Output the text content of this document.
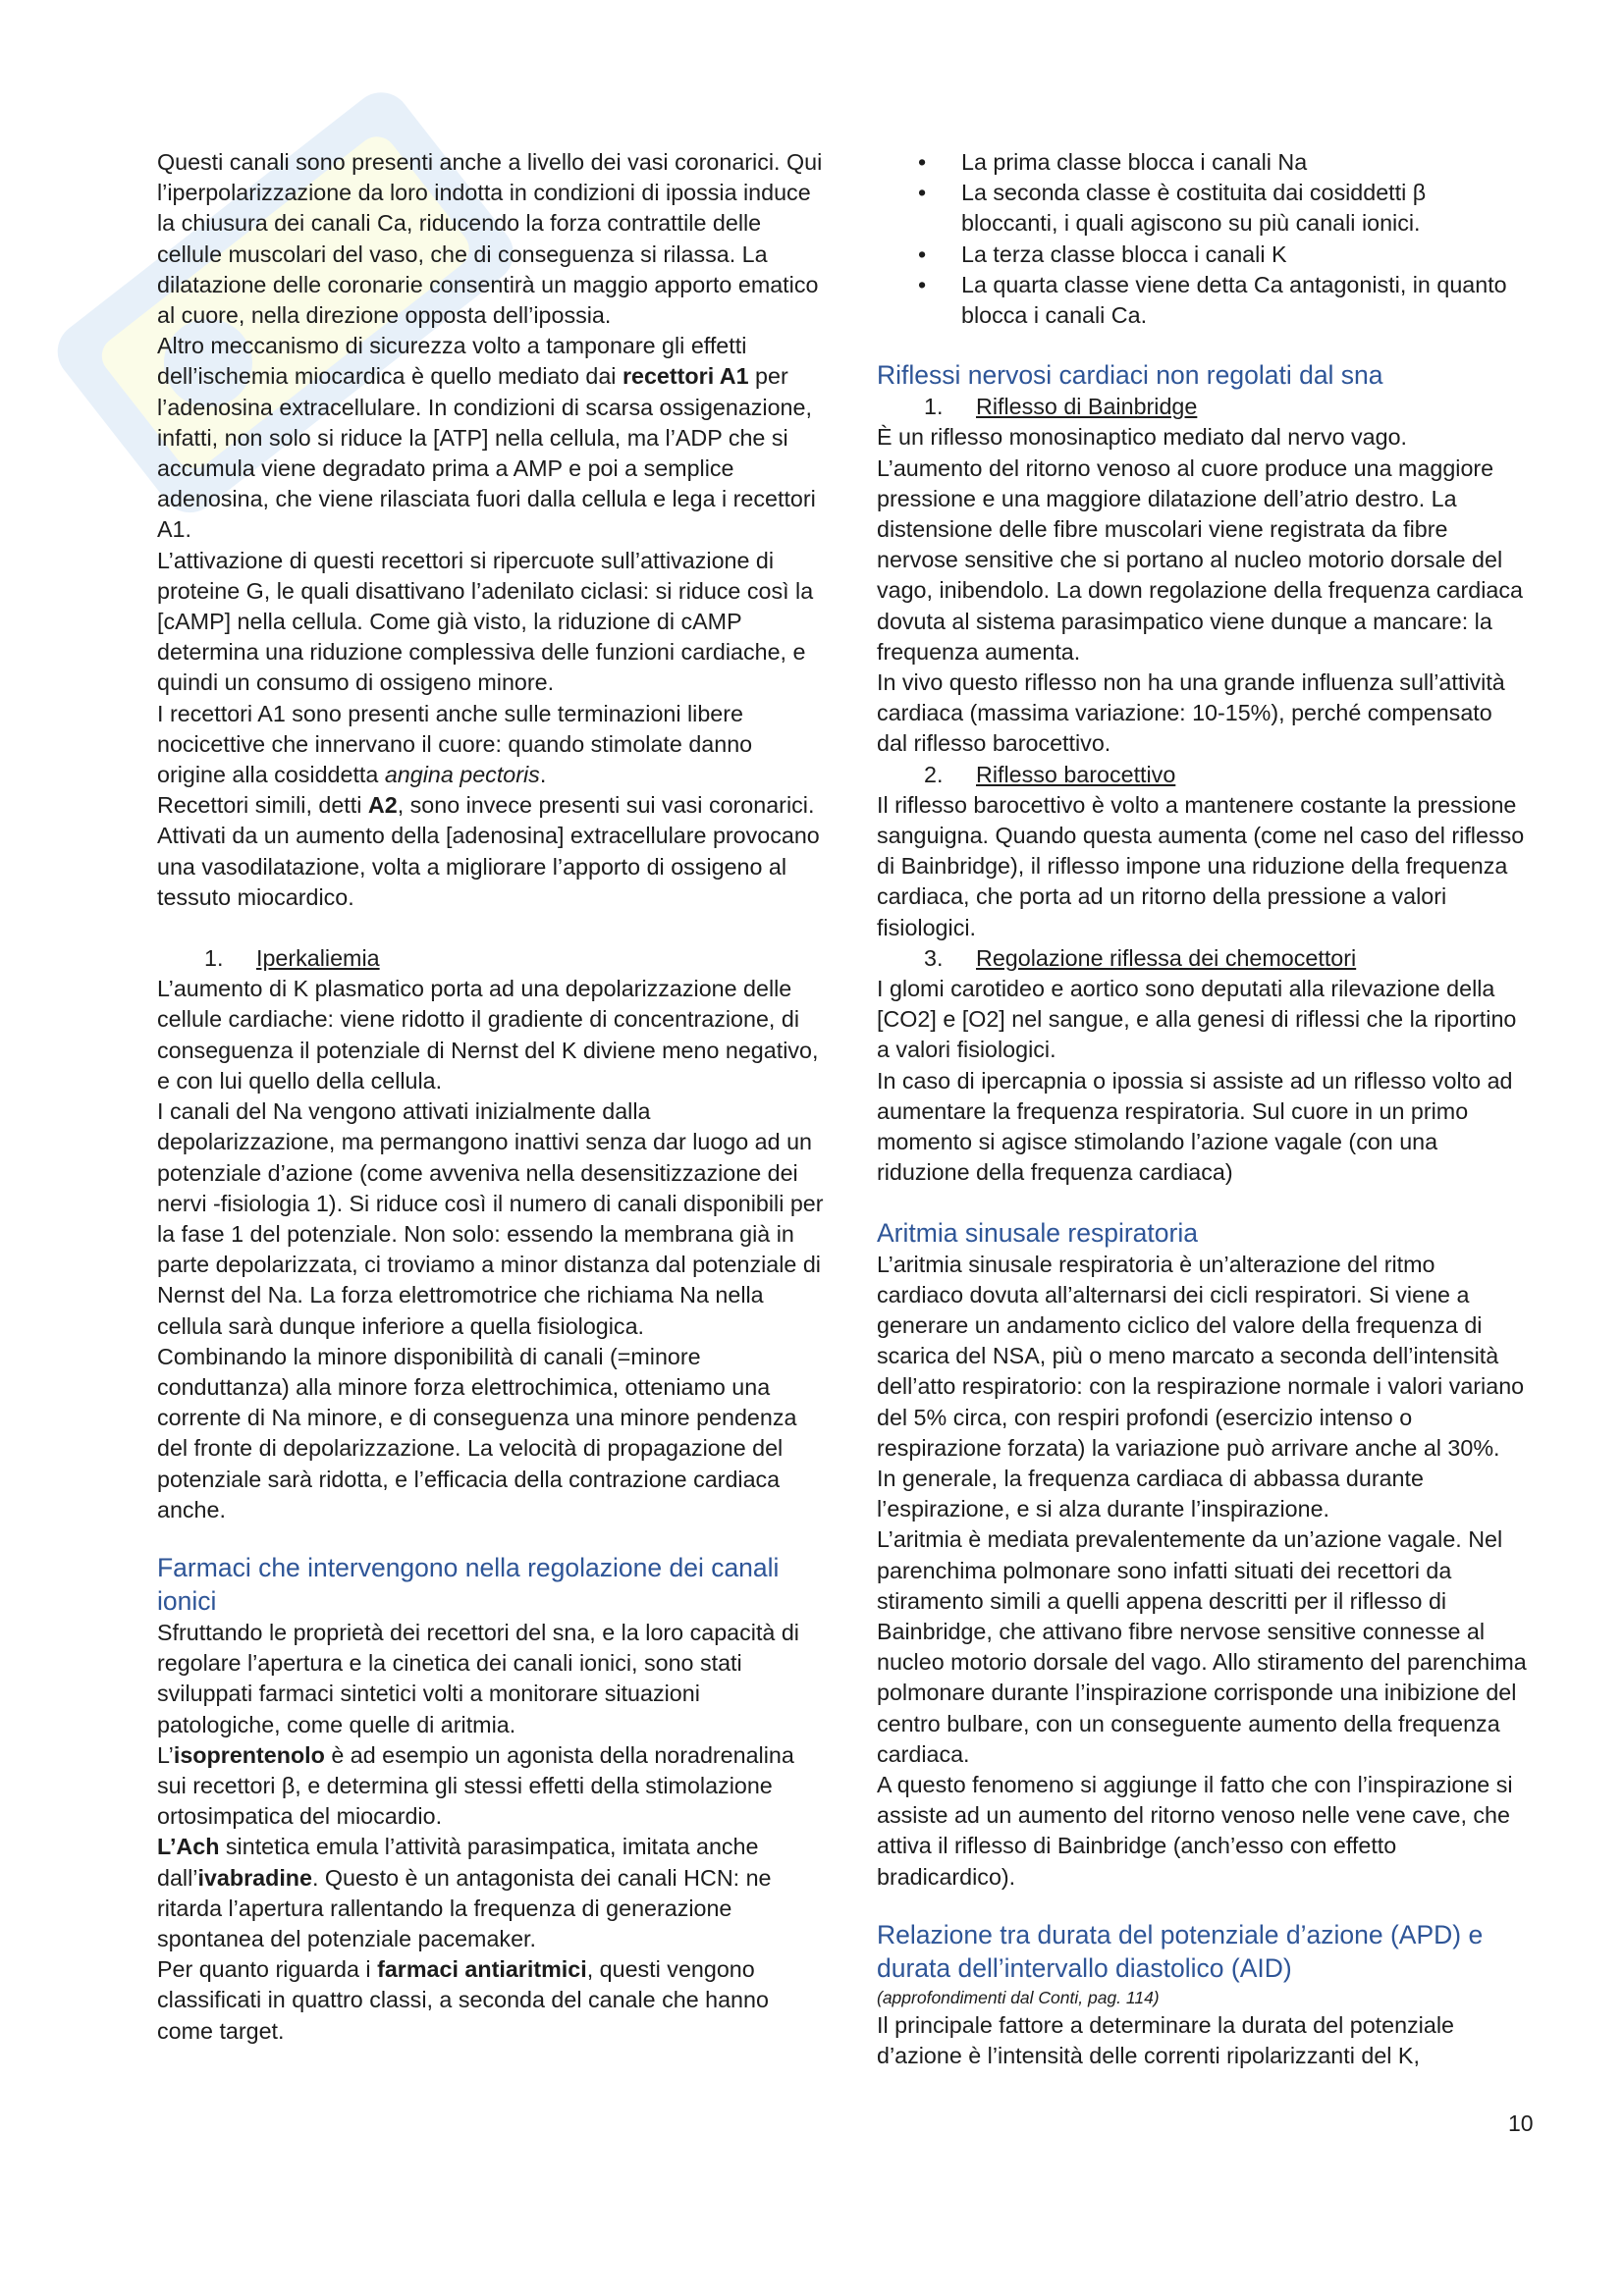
Questi canali sono presenti anche a livello dei vasi coronarici. Qui l’iperpolarizzazione da loro indotta in condizioni di ipossia induce la chiusura dei canali Ca, riducendo la forza contrattile delle cellule muscolari del vaso, che di conseguenza si rilassa. La dilatazione delle coronarie consentirà un maggio apporto ematico al cuore, nella direzione opposta dell’ipossia.

Altro meccanismo di sicurezza volto a tamponare gli effetti dell’ischemia miocardica è quello mediato dai recettori A1 per l’adenosina extracellulare. In condizioni di scarsa ossigenazione, infatti, non solo si riduce la [ATP] nella cellula, ma l’ADP che si accumula viene degradato prima a AMP e poi a semplice adenosina, che viene rilasciata fuori dalla cellula e lega i recettori A1.

L’attivazione di questi recettori si ripercuote sull’attivazione di proteine G, le quali disattivano l’adenilato ciclasi: si riduce così la [cAMP] nella cellula. Come già visto, la riduzione di cAMP determina una riduzione complessiva delle funzioni cardiache, e quindi un consumo di ossigeno minore.

I recettori A1 sono presenti anche sulle terminazioni libere nocicettive che innervano il cuore: quando stimolate danno origine alla cosiddetta angina pectoris.

Recettori simili, detti A2, sono invece presenti sui vasi coronarici. Attivati da un aumento della [adenosina] extracellulare provocano una vasodilatazione, volta a migliorare l’apporto di ossigeno al tessuto miocardico.

1.	Iperkaliemia

L’aumento di K plasmatico porta ad una depolarizzazione delle cellule cardiache: viene ridotto il gradiente di concentrazione, di conseguenza il potenziale di Nernst del K diviene meno negativo, e con lui quello della cellula.

I canali del Na vengono attivati inizialmente dalla depolarizzazione, ma permangono inattivi senza dar luogo ad un potenziale d’azione (come avveniva nella desensitizzazione dei nervi -fisiologia 1). Si riduce così il numero di canali disponibili per la fase 1 del potenziale. Non solo: essendo la membrana già in parte depolarizzata, ci troviamo a minor distanza dal potenziale di Nernst del Na. La forza elettromotrice che richiama Na nella cellula sarà dunque inferiore a quella fisiologica.

Combinando la minore disponibilità di canali (=minore conduttanza) alla minore forza elettrochimica, otteniamo una corrente di Na minore, e di conseguenza una minore pendenza del fronte di depolarizzazione. La velocità di propagazione del potenziale sarà ridotta, e l’efficacia della contrazione cardiaca anche.

Farmaci che intervengono nella regolazione dei canali ionici

Sfruttando le proprietà dei recettori del sna, e la loro capacità di regolare l’apertura e la cinetica dei canali ionici, sono stati sviluppati farmaci sintetici volti a monitorare situazioni patologiche, come quelle di aritmia.

L’isoprentenolo è ad esempio un agonista della noradrenalina sui recettori β, e determina gli stessi effetti della stimolazione ortosimpatica del miocardio.

L’Ach sintetica emula l’attività parasimpatica, imitata anche dall’ivabradine. Questo è un antagonista dei canali HCN: ne ritarda l’apertura rallentando la frequenza di generazione spontanea del potenziale pacemaker.

Per quanto riguarda i farmaci antiaritmici, questi vengono classificati in quattro classi, a seconda del canale che hanno come target.

•	La prima classe blocca i canali Na
•	La seconda classe è costituita dai cosiddetti β bloccanti, i quali agiscono su più canali ionici.
•	La terza classe blocca i canali K
•	La quarta classe viene detta Ca antagonisti, in quanto blocca i canali Ca.
Riflessi nervosi cardiaci non regolati dal sna

1.	Riflesso di Bainbridge

È un riflesso monosinaptico mediato dal nervo vago.

L’aumento del ritorno venoso al cuore produce una maggiore pressione e una maggiore dilatazione dell’atrio destro. La distensione delle fibre muscolari viene registrata da fibre nervose sensitive che si portano al nucleo motorio dorsale del vago, inibendolo. La down regolazione della frequenza cardiaca dovuta al sistema parasimpatico viene dunque a mancare: la frequenza aumenta.

In vivo questo riflesso non ha una grande influenza sull’attività cardiaca (massima variazione: 10-15%), perché compensato dal riflesso barocettivo.

2.	Riflesso barocettivo

Il riflesso barocettivo è volto a mantenere costante la pressione sanguigna. Quando questa aumenta (come nel caso del riflesso di Bainbridge), il riflesso impone una riduzione della frequenza cardiaca, che porta ad un ritorno della pressione a valori fisiologici.

3.	Regolazione riflessa dei chemocettori

I glomi carotideo e aortico sono deputati alla rilevazione della [CO2] e [O2] nel sangue, e alla genesi di riflessi che la riportino a valori fisiologici.

In caso di ipercapnia o ipossia si assiste ad un riflesso volto ad aumentare la frequenza respiratoria. Sul cuore in un primo momento si agisce stimolando l’azione vagale (con una riduzione della frequenza cardiaca)

Aritmia sinusale respiratoria

L’aritmia sinusale respiratoria è un’alterazione del ritmo cardiaco dovuta all’alternarsi dei cicli respiratori. Si viene a generare un andamento ciclico del valore della frequenza di scarica del NSA, più o meno marcato a seconda dell’intensità dell’atto respiratorio: con la respirazione normale i valori variano del 5% circa, con respiri profondi (esercizio intenso o respirazione forzata) la variazione può arrivare anche al 30%.

In generale, la frequenza cardiaca di abbassa durante l’espirazione, e si alza durante l’inspirazione.

L’aritmia è mediata prevalentemente da un’azione vagale. Nel parenchima polmonare sono infatti situati dei recettori da stiramento simili a quelli appena descritti per il riflesso di Bainbridge, che attivano fibre nervose sensitive connesse al nucleo motorio dorsale del vago. Allo stiramento del parenchima polmonare durante l’inspirazione corrisponde una inibizione del centro bulbare, con un conseguente aumento della frequenza cardiaca.

A questo fenomeno si aggiunge il fatto che con l’inspirazione si assiste ad un aumento del ritorno venoso nelle vene cave, che attiva il riflesso di Bainbridge (anch’esso con effetto bradicardico).

Relazione tra durata del potenziale d’azione (APD) e durata dell’intervallo diastolico (AID)

(approfondimenti dal Conti, pag. 114)

Il principale fattore a determinare la durata del potenziale d’azione è l’intensità delle correnti ripolarizzanti del K,

10
